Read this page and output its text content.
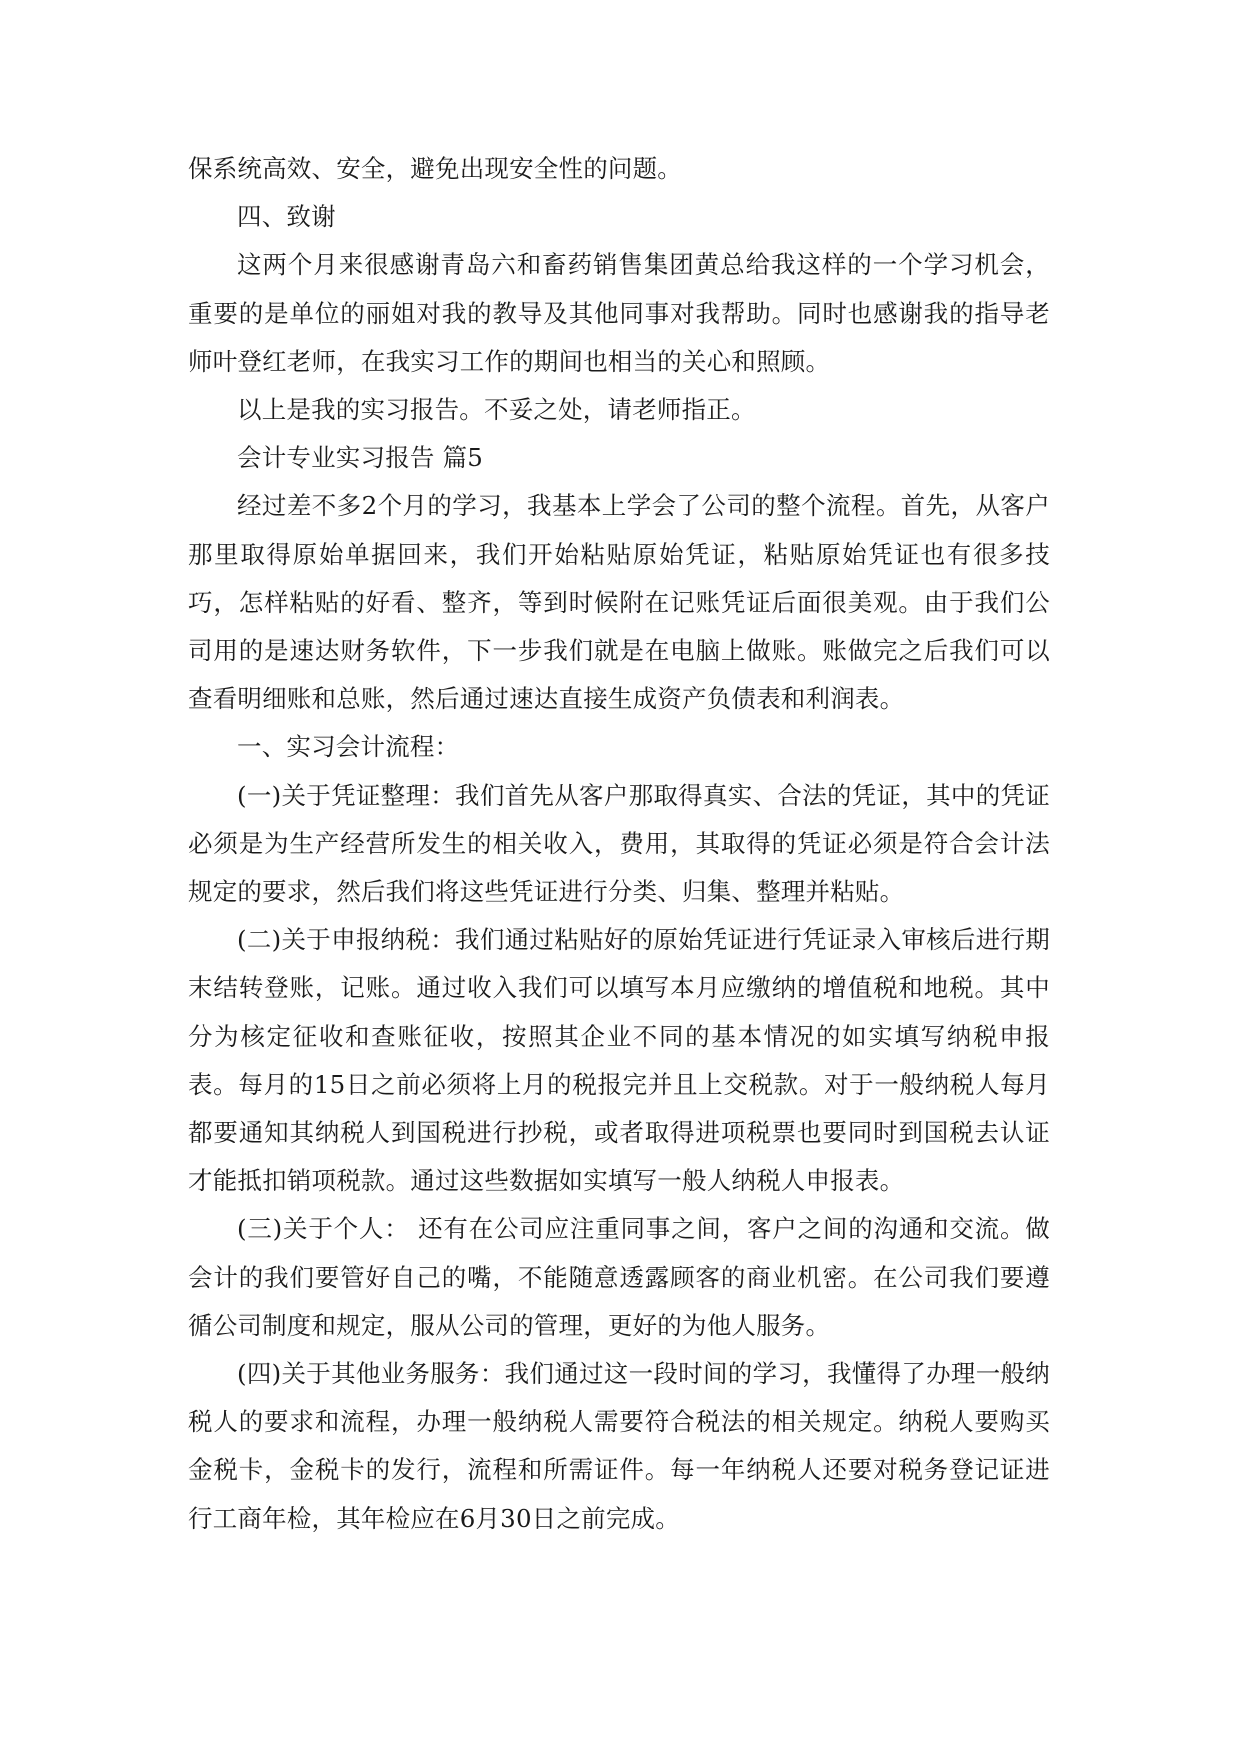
保系统高效、安全，避免出现安全性的问题。

四、致谢

这两个月来很感谢青岛六和畜药销售集团黄总给我这样的一个学习机会，重要的是单位的丽姐对我的教导及其他同事对我帮助。同时也感谢我的指导老师叶登红老师，在我实习工作的期间也相当的关心和照顾。

以上是我的实习报告。不妥之处，请老师指正。

会计专业实习报告 篇5

经过差不多2个月的学习，我基本上学会了公司的整个流程。首先，从客户那里取得原始单据回来，我们开始粘贴原始凭证，粘贴原始凭证也有很多技巧，怎样粘贴的好看、整齐，等到时候附在记账凭证后面很美观。由于我们公司用的是速达财务软件，下一步我们就是在电脑上做账。账做完之后我们可以查看明细账和总账，然后通过速达直接生成资产负债表和利润表。

一、实习会计流程：

(一)关于凭证整理：我们首先从客户那取得真实、合法的凭证，其中的凭证必须是为生产经营所发生的相关收入，费用，其取得的凭证必须是符合会计法规定的要求，然后我们将这些凭证进行分类、归集、整理并粘贴。

(二)关于申报纳税：我们通过粘贴好的原始凭证进行凭证录入审核后进行期末结转登账，记账。通过收入我们可以填写本月应缴纳的增值税和地税。其中分为核定征收和查账征收，按照其企业不同的基本情况的如实填写纳税申报表。每月的15日之前必须将上月的税报完并且上交税款。对于一般纳税人每月都要通知其纳税人到国税进行抄税，或者取得进项税票也要同时到国税去认证才能抵扣销项税款。通过这些数据如实填写一般人纳税人申报表。

(三)关于个人： 还有在公司应注重同事之间，客户之间的沟通和交流。做会计的我们要管好自己的嘴，不能随意透露顾客的商业机密。在公司我们要遵循公司制度和规定，服从公司的管理，更好的为他人服务。

(四)关于其他业务服务：我们通过这一段时间的学习，我懂得了办理一般纳税人的要求和流程，办理一般纳税人需要符合税法的相关规定。纳税人要购买金税卡，金税卡的发行，流程和所需证件。每一年纳税人还要对税务登记证进行工商年检，其年检应在6月30日之前完成。
